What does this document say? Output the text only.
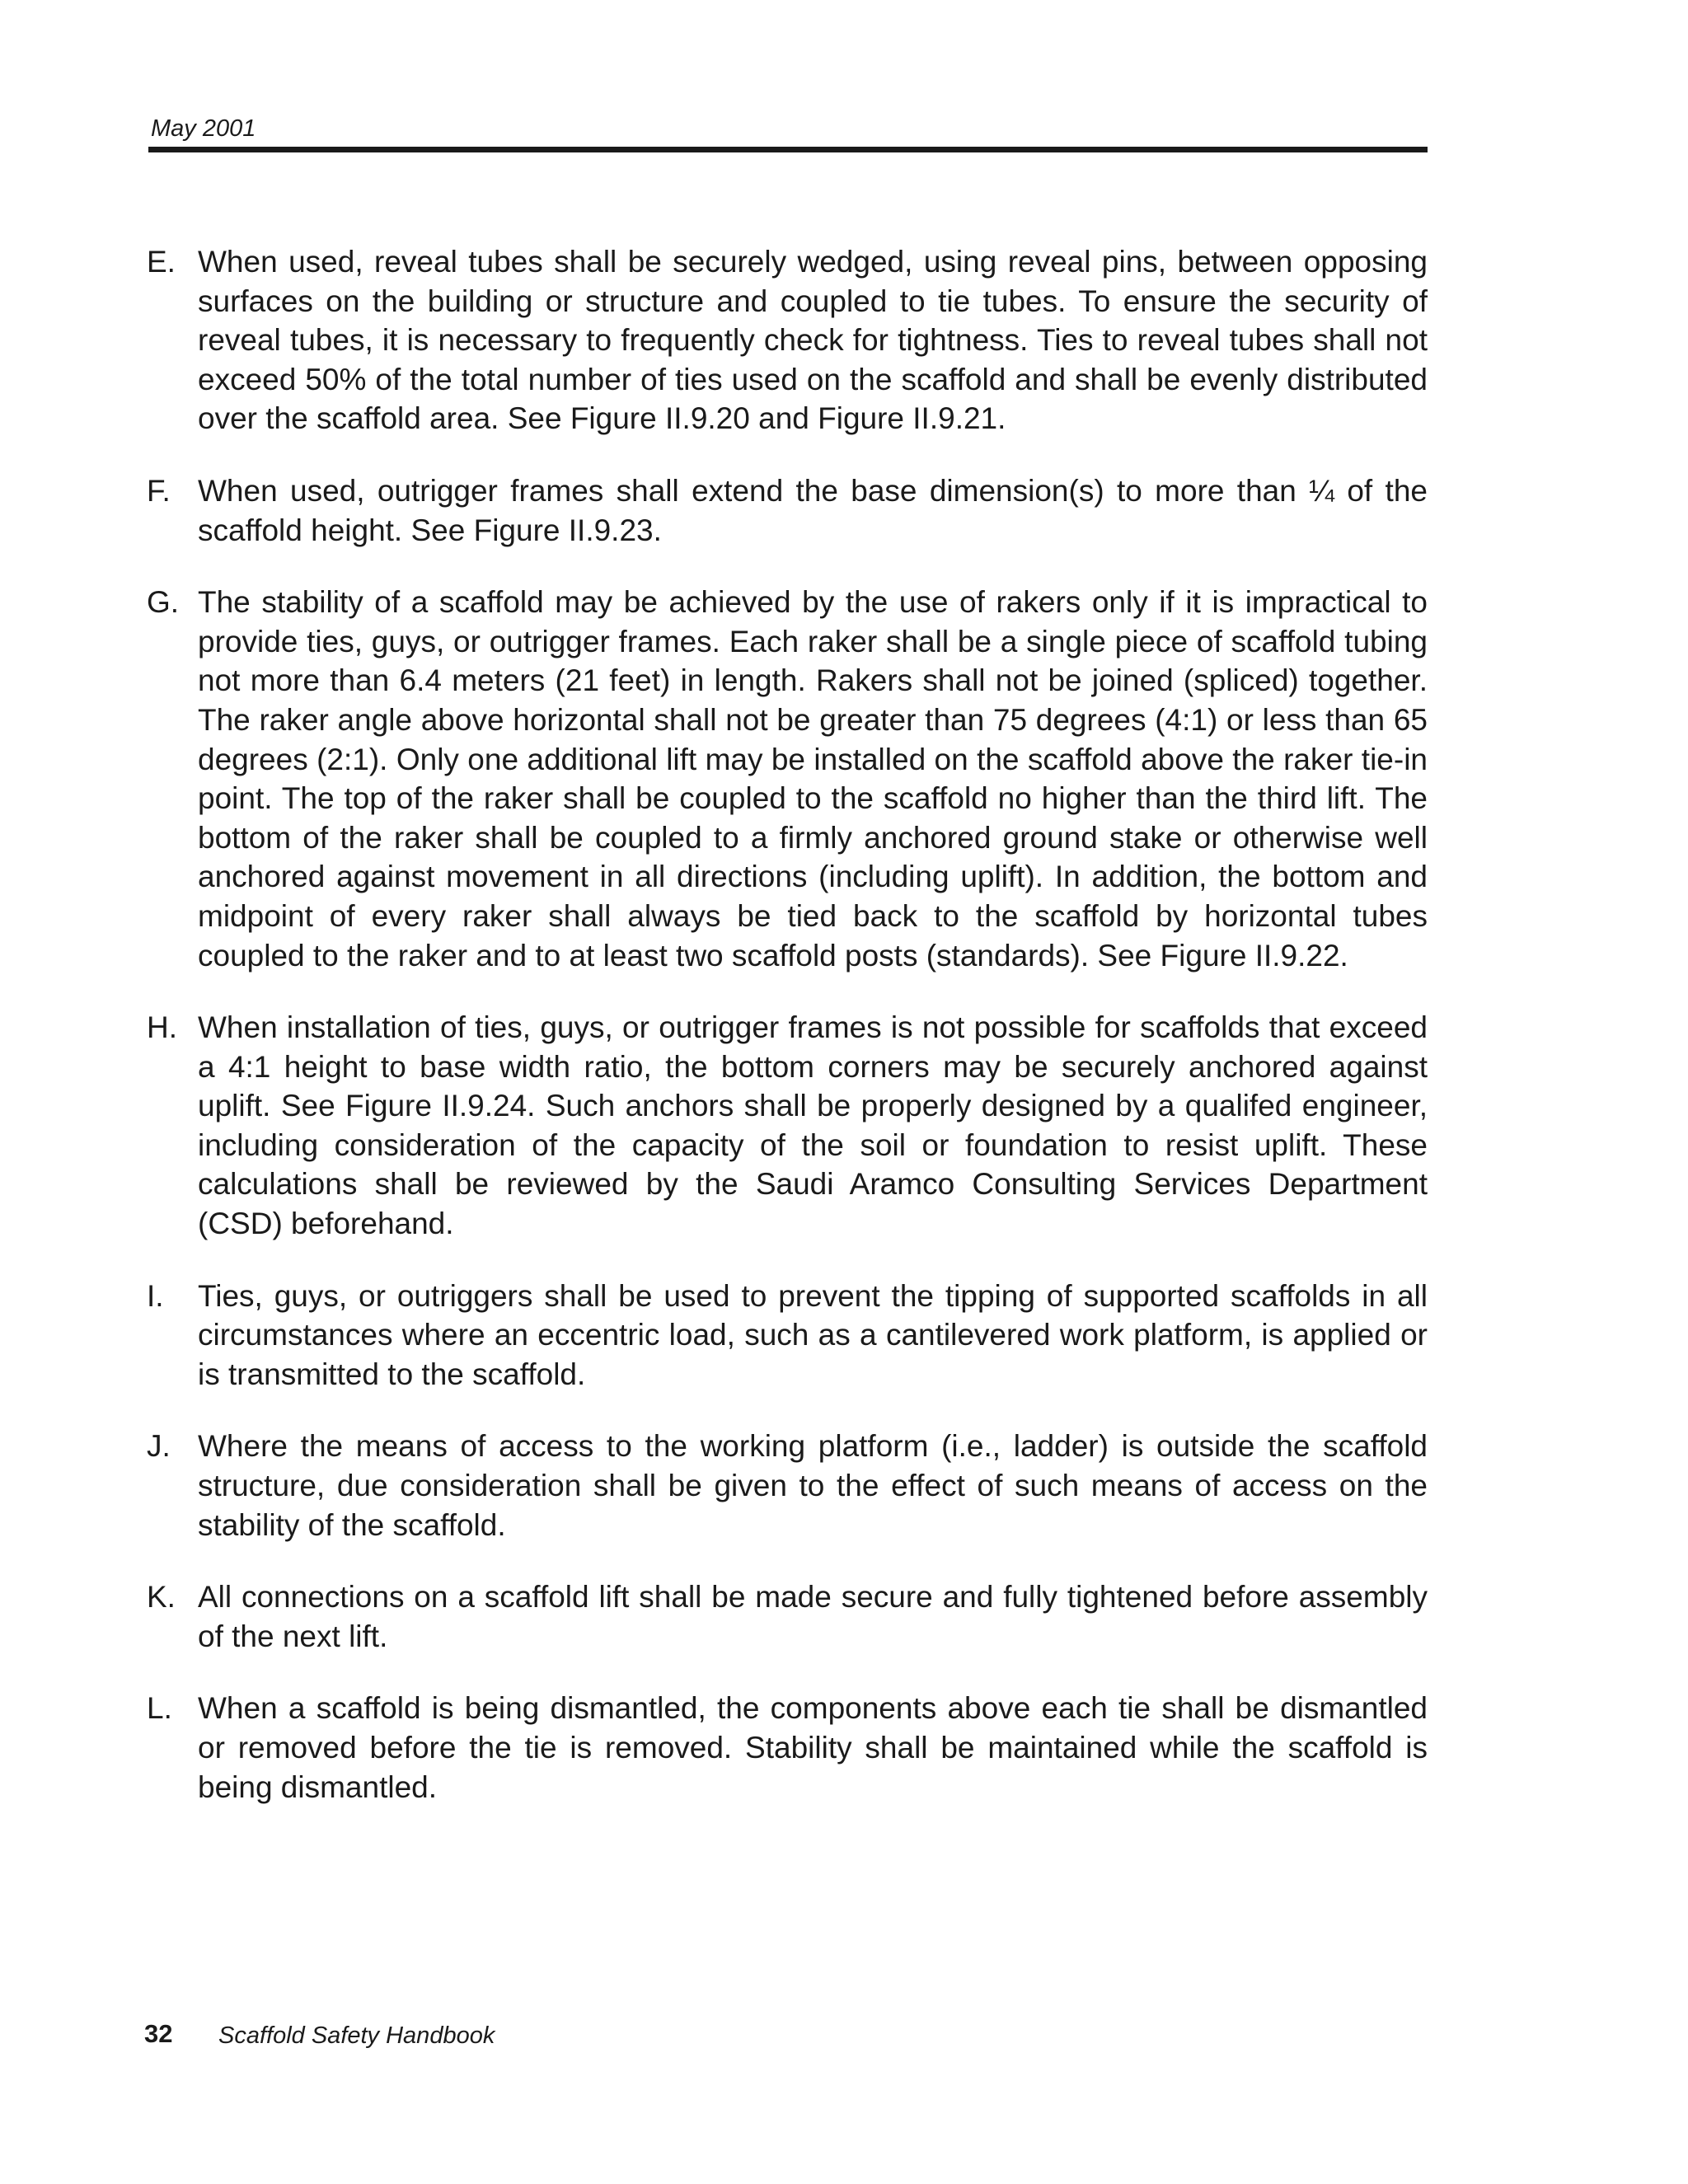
May 2001
E. When used, reveal tubes shall be securely wedged, using reveal pins, between opposing surfaces on the building or structure and coupled to tie tubes. To ensure the security of reveal tubes, it is necessary to frequently check for tightness. Ties to reveal tubes shall not exceed 50% of the total number of ties used on the scaffold and shall be evenly distributed over the scaffold area. See Figure II.9.20 and Figure II.9.21.
F. When used, outrigger frames shall extend the base dimension(s) to more than ¼ of the scaffold height. See Figure II.9.23.
G. The stability of a scaffold may be achieved by the use of rakers only if it is impractical to provide ties, guys, or outrigger frames. Each raker shall be a single piece of scaffold tubing not more than 6.4 meters (21 feet) in length. Rakers shall not be joined (spliced) together. The raker angle above horizontal shall not be greater than 75 degrees (4:1) or less than 65 degrees (2:1). Only one additional lift may be installed on the scaffold above the raker tie-in point. The top of the raker shall be coupled to the scaffold no higher than the third lift. The bottom of the raker shall be coupled to a firmly anchored ground stake or otherwise well anchored against movement in all directions (including uplift). In addition, the bottom and midpoint of every raker shall always be tied back to the scaffold by horizontal tubes coupled to the raker and to at least two scaffold posts (standards). See Figure II.9.22.
H. When installation of ties, guys, or outrigger frames is not possible for scaffolds that exceed a 4:1 height to base width ratio, the bottom corners may be securely anchored against uplift. See Figure II.9.24. Such anchors shall be properly designed by a qualifed engineer, including consideration of the capacity of the soil or foundation to resist uplift. These calculations shall be reviewed by the Saudi Aramco Consulting Services Department (CSD) beforehand.
I. Ties, guys, or outriggers shall be used to prevent the tipping of supported scaffolds in all circumstances where an eccentric load, such as a cantilevered work platform, is applied or is transmitted to the scaffold.
J. Where the means of access to the working platform (i.e., ladder) is outside the scaffold structure, due consideration shall be given to the effect of such means of access on the stability of the scaffold.
K. All connections on a scaffold lift shall be made secure and fully tightened before assembly of the next lift.
L. When a scaffold is being dismantled, the components above each tie shall be dismantled or removed before the tie is removed. Stability shall be maintained while the scaffold is being dismantled.
32 Scaffold Safety Handbook
